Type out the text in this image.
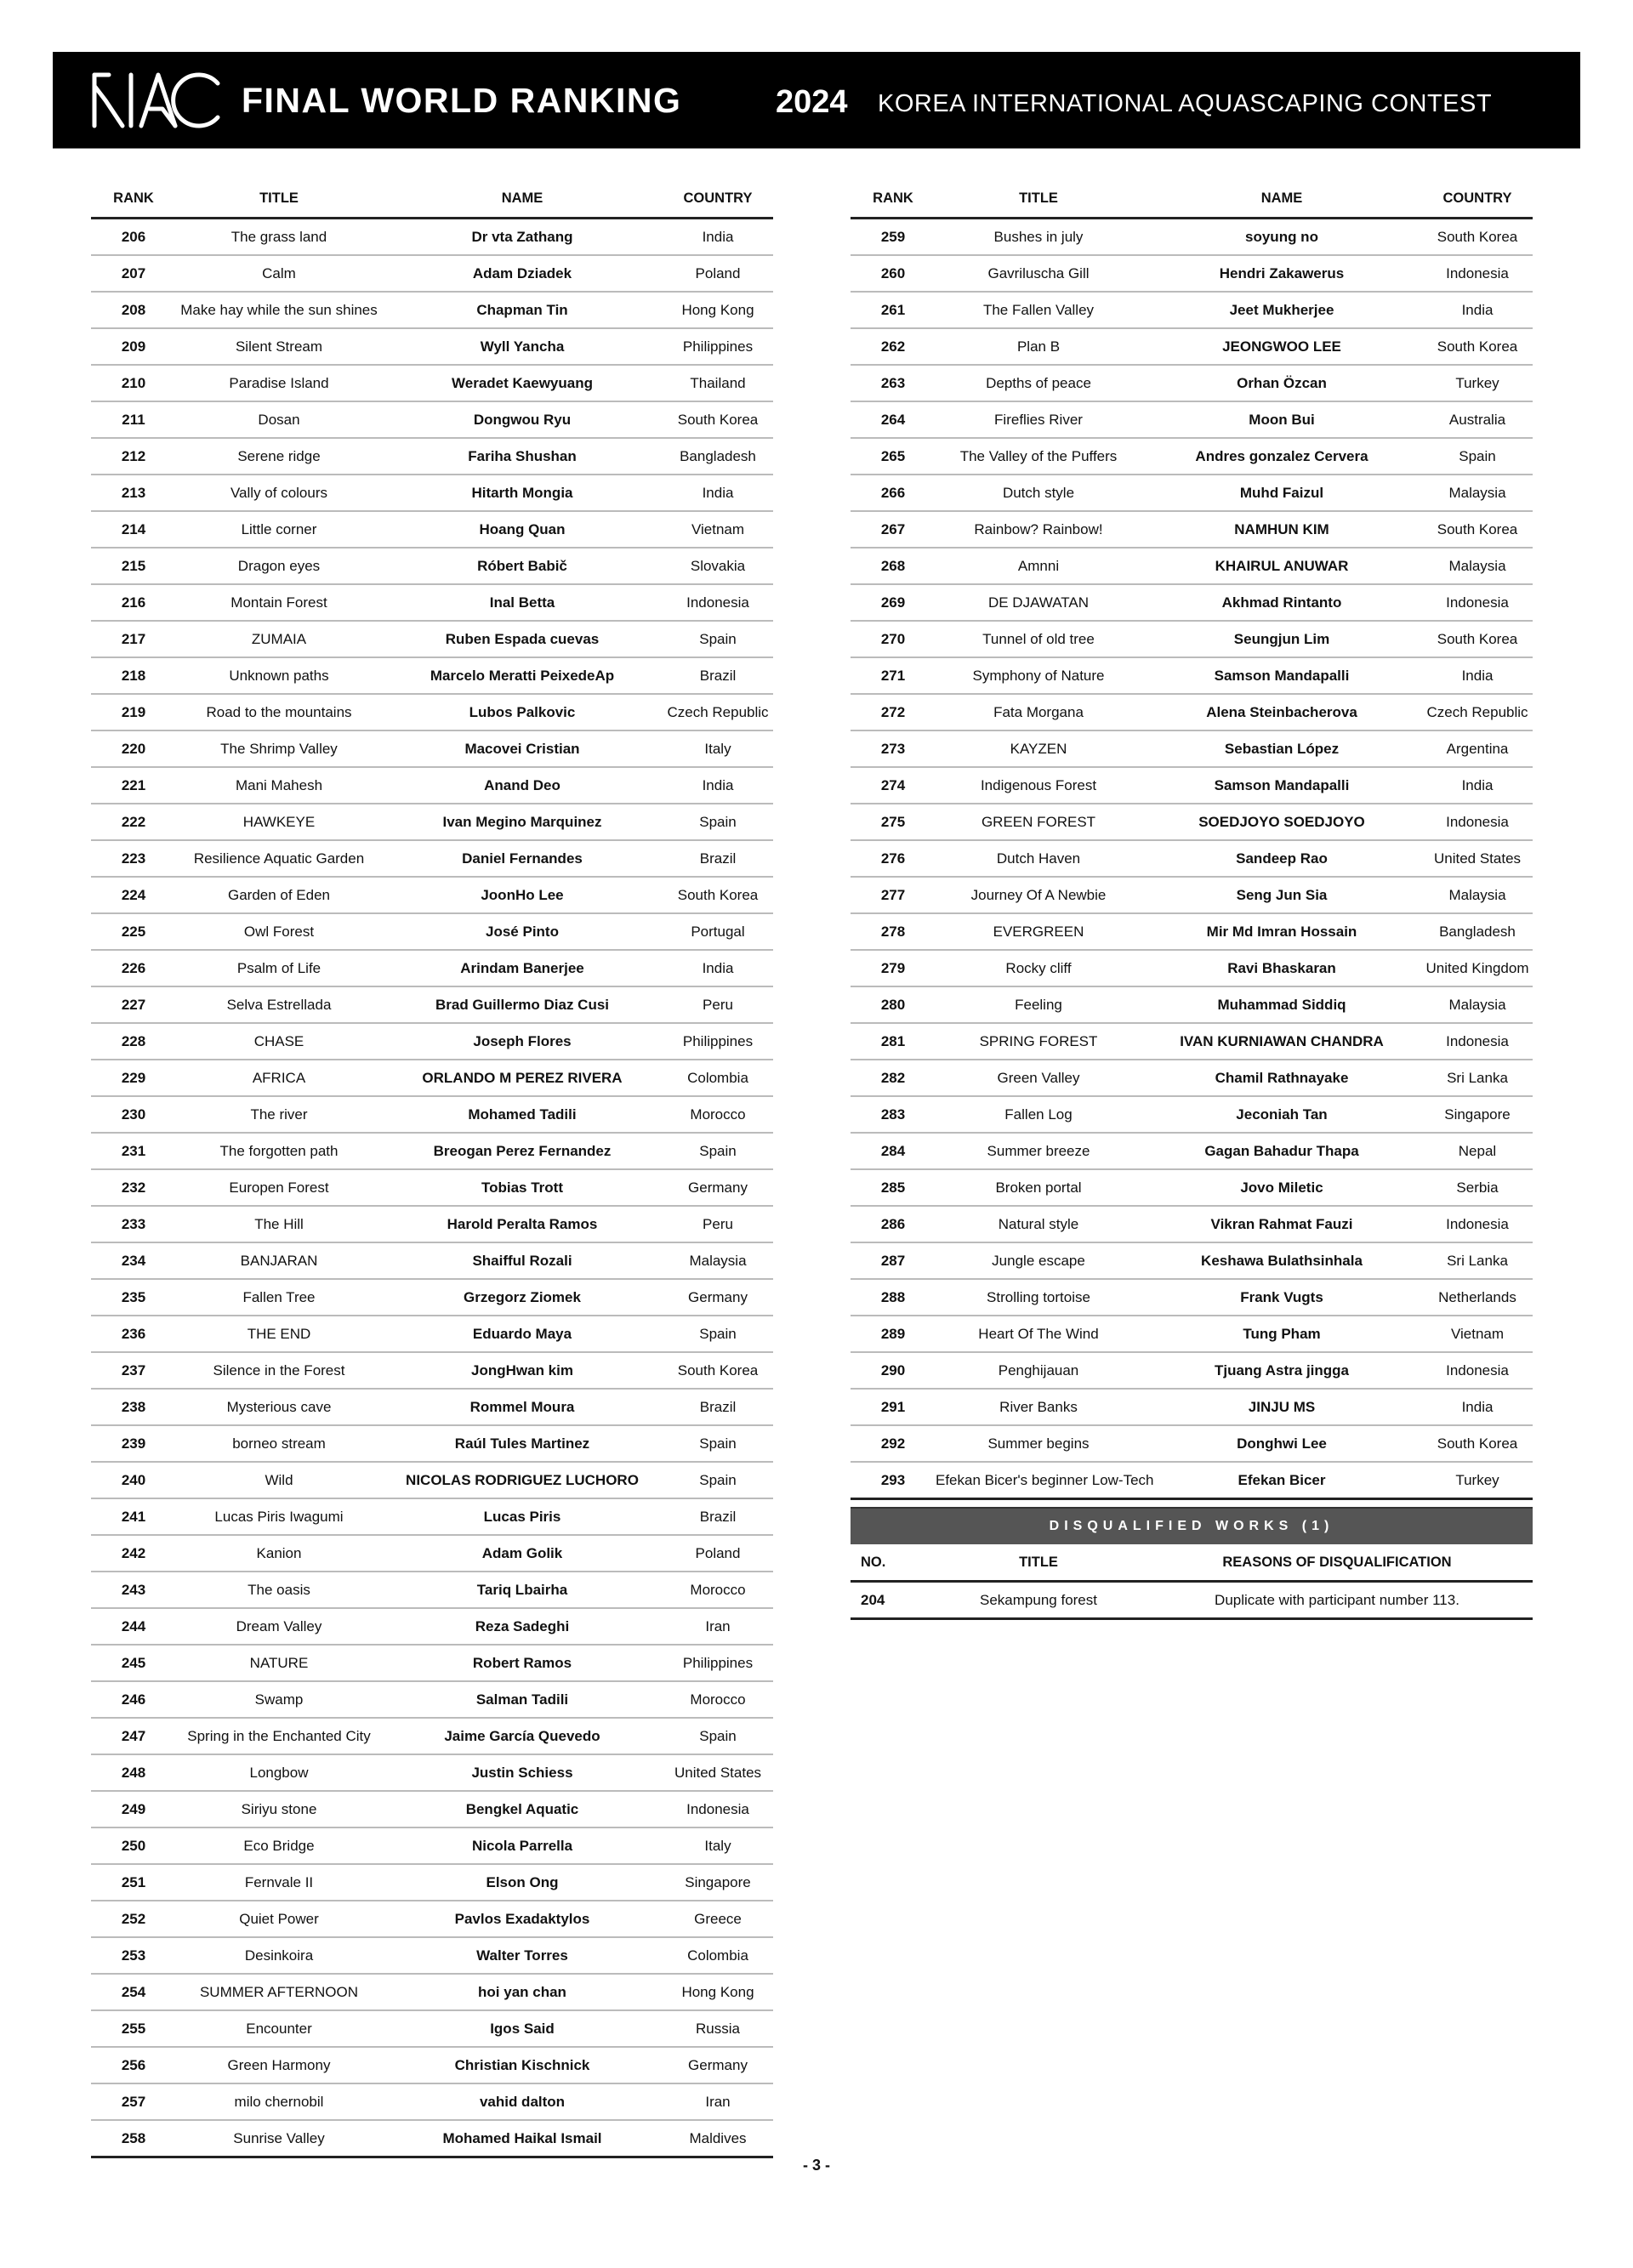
FINAL WORLD RANKING	2024 KOREA INTERNATIONAL AQUASCAPING CONTEST
RANK	TITLE	NAME	COUNTRY
206	The grass land	Dr vta Zathang	India
207	Calm	Adam Dziadek	Poland
208	Make hay while the sun shines	Chapman Tin	Hong Kong
209	Silent Stream	Wyll Yancha	Philippines
210	Paradise Island	Weradet Kaewyuang	Thailand
211	Dosan	Dongwou Ryu	South Korea
212	Serene ridge	Fariha Shushan	Bangladesh
213	Vally of colours	Hitarth Mongia	India
214	Little corner	Hoang Quan	Vietnam
215	Dragon eyes	Róbert Babič	Slovakia
216	Montain Forest	Inal Betta	Indonesia
217	ZUMAIA	Ruben Espada cuevas	Spain
218	Unknown paths	Marcelo Meratti PeixedeAp	Brazil
219	Road to the mountains	Lubos Palkovic	Czech Republic
220	The Shrimp Valley	Macovei Cristian	Italy
221	Mani Mahesh	Anand Deo	India
222	HAWKEYE	Ivan Megino Marquinez	Spain
223	Resilience Aquatic Garden	Daniel Fernandes	Brazil
224	Garden of Eden	JoonHo Lee	South Korea
225	Owl Forest	José Pinto	Portugal
226	Psalm of Life	Arindam Banerjee	India
227	Selva Estrellada	Brad Guillermo Diaz Cusi	Peru
228	CHASE	Joseph Flores	Philippines
229	AFRICA	ORLANDO M PEREZ RIVERA	Colombia
230	The river	Mohamed Tadili	Morocco
231	The forgotten path	Breogan Perez Fernandez	Spain
232	Europen Forest	Tobias Trott	Germany
233	The Hill	Harold Peralta Ramos	Peru
234	BANJARAN	Shaifful Rozali	Malaysia
235	Fallen Tree	Grzegorz Ziomek	Germany
236	THE END	Eduardo Maya	Spain
237	Silence in the Forest	JongHwan kim	South Korea
238	Mysterious cave	Rommel Moura	Brazil
239	borneo stream	Raúl Tules Martinez	Spain
240	Wild	NICOLAS RODRIGUEZ LUCHORO	Spain
241	Lucas Piris Iwagumi	Lucas Piris	Brazil
242	Kanion	Adam Golik	Poland
243	The oasis	Tariq Lbairha	Morocco
244	Dream Valley	Reza Sadeghi	Iran
245	NATURE	Robert Ramos	Philippines
246	Swamp	Salman Tadili	Morocco
247	Spring in the Enchanted City	Jaime García Quevedo	Spain
248	Longbow	Justin Schiess	United States
249	Siriyu stone	Bengkel Aquatic	Indonesia
250	Eco Bridge	Nicola Parrella	Italy
251	Fernvale II	Elson Ong	Singapore
252	Quiet Power	Pavlos Exadaktylos	Greece
253	Desinkoira	Walter Torres	Colombia
254	SUMMER AFTERNOON	hoi yan chan	Hong Kong
255	Encounter	Igos Said	Russia
256	Green Harmony	Christian Kischnick	Germany
257	milo chernobil	vahid dalton	Iran
258	Sunrise Valley	Mohamed Haikal Ismail	Maldives
RANK	TITLE	NAME	COUNTRY
259	Bushes in july	soyung no	South Korea
260	Gavriluscha Gill	Hendri Zakawerus	Indonesia
261	The Fallen Valley	Jeet Mukherjee	India
262	Plan B	JEONGWOO LEE	South Korea
263	Depths of peace	Orhan Özcan	Turkey
264	Fireflies River	Moon Bui	Australia
265	The Valley of the Puffers	Andres gonzalez Cervera	Spain
266	Dutch style	Muhd Faizul	Malaysia
267	Rainbow? Rainbow!	NAMHUN KIM	South Korea
268	Amnni	KHAIRUL ANUWAR	Malaysia
269	DE DJAWATAN	Akhmad Rintanto	Indonesia
270	Tunnel of old tree	Seungjun Lim	South Korea
271	Symphony of Nature	Samson Mandapalli	India
272	Fata Morgana	Alena Steinbacherova	Czech Republic
273	KAYZEN	Sebastian López	Argentina
274	Indigenous Forest	Samson Mandapalli	India
275	GREEN FOREST	SOEDJOYO SOEDJOYO	Indonesia
276	Dutch Haven	Sandeep Rao	United States
277	Journey Of A Newbie	Seng Jun Sia	Malaysia
278	EVERGREEN	Mir Md Imran Hossain	Bangladesh
279	Rocky cliff	Ravi Bhaskaran	United Kingdom
280	Feeling	Muhammad Siddiq	Malaysia
281	SPRING FOREST	IVAN KURNIAWAN CHANDRA	Indonesia
282	Green Valley	Chamil Rathnayake	Sri Lanka
283	Fallen Log	Jeconiah Tan	Singapore
284	Summer breeze	Gagan Bahadur Thapa	Nepal
285	Broken portal	Jovo Miletic	Serbia
286	Natural style	Vikran Rahmat Fauzi	Indonesia
287	Jungle escape	Keshawa Bulathsinhala	Sri Lanka
288	Strolling tortoise	Frank Vugts	Netherlands
289	Heart Of The Wind	Tung Pham	Vietnam
290	Penghijauan	Tjuang Astra jingga	Indonesia
291	River Banks	JINJU MS	India
292	Summer begins	Donghwi Lee	South Korea
293	Efekan Bicer's beginner Low-Tech	Efekan Bicer	Turkey
DISQUALIFIED WORKS (1)
NO.	TITLE	REASONS OF DISQUALIFICATION
204	Sekampung forest	Duplicate with participant number 113.
- 3 -
